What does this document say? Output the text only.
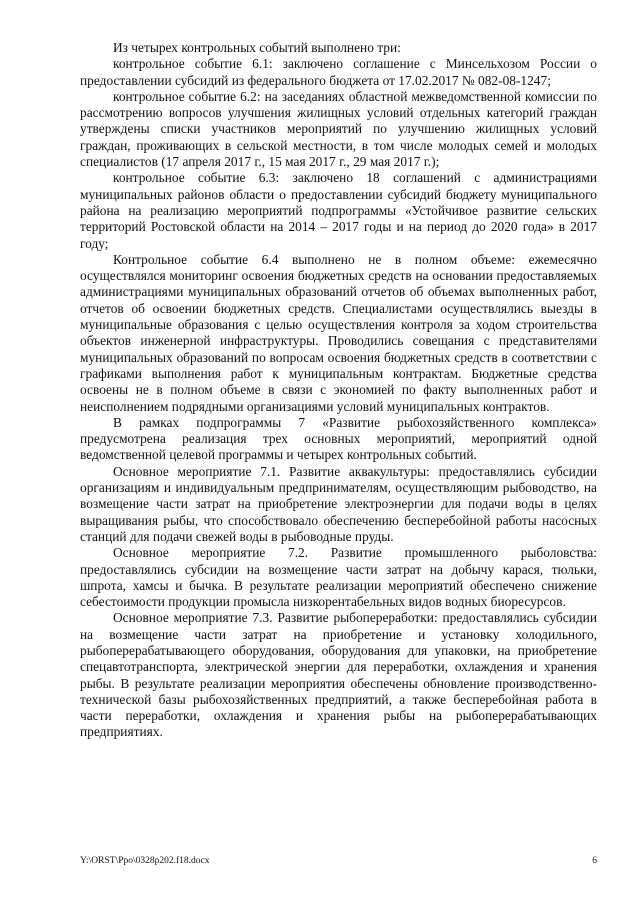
Из четырех контрольных событий выполнено три:

контрольное событие 6.1: заключено соглашение с Минсельхозом России о предоставлении субсидий из федерального бюджета от 17.02.2017 № 082-08-1247;

контрольное событие 6.2: на заседаниях областной межведомственной комиссии по рассмотрению вопросов улучшения жилищных условий отдельных категорий граждан утверждены списки участников мероприятий по улучшению жилищных условий граждан, проживающих в сельской местности, в том числе молодых семей и молодых специалистов (17 апреля 2017 г., 15 мая 2017 г., 29 мая 2017 г.);

контрольное событие 6.3: заключено 18 соглашений с администрациями муниципальных районов области о предоставлении субсидий бюджету муниципального района на реализацию мероприятий подпрограммы «Устойчивое развитие сельских территорий Ростовской области на 2014 – 2017 годы и на период до 2020 года» в 2017 году;

Контрольное событие 6.4 выполнено не в полном объеме: ежемесячно осуществлялся мониторинг освоения бюджетных средств на основании предоставляемых администрациями муниципальных образований отчетов об объемах выполненных работ, отчетов об освоении бюджетных средств. Специалистами осуществлялись выезды в муниципальные образования с целью осуществления контроля за ходом строительства объектов инженерной инфраструктуры. Проводились совещания с представителями муниципальных образований по вопросам освоения бюджетных средств в соответствии с графиками выполнения работ к муниципальным контрактам. Бюджетные средства освоены не в полном объеме в связи с экономией по факту выполненных работ и неисполнением подрядными организациями условий муниципальных контрактов.

В рамках подпрограммы 7 «Развитие рыбохозяйственного комплекса» предусмотрена реализация трех основных мероприятий, мероприятий одной ведомственной целевой программы и четырех контрольных событий.

Основное мероприятие 7.1. Развитие аквакультуры: предоставлялись субсидии организациям и индивидуальным предпринимателям, осуществляющим рыбоводство, на возмещение части затрат на приобретение электроэнергии для подачи воды в целях выращивания рыбы, что способствовало обеспечению бесперебойной работы насосных станций для подачи свежей воды в рыбоводные пруды.

Основное мероприятие 7.2. Развитие промышленного рыболовства: предоставлялись субсидии на возмещение части затрат на добычу карася, тюльки, шпрота, хамсы и бычка. В результате реализации мероприятий обеспечено снижение себестоимости продукции промысла низкорентабельных видов водных биоресурсов.

Основное мероприятие 7.3. Развитие рыбопереработки: предоставлялись субсидии на возмещение части затрат на приобретение и установку холодильного, рыбоперерабатывающего оборудования, оборудования для упаковки, на приобретение спецавтотранспорта, электрической энергии для переработки, охлаждения и хранения рыбы. В результате реализации мероприятия обеспечены обновление производственно-технической базы рыбохозяйственных предприятий, а также бесперебойная работа в части переработки, охлаждения и хранения рыбы на рыбоперерабатывающих предприятиях.

Y:\ORST\Ppo\0328p202.f18.docx	6
